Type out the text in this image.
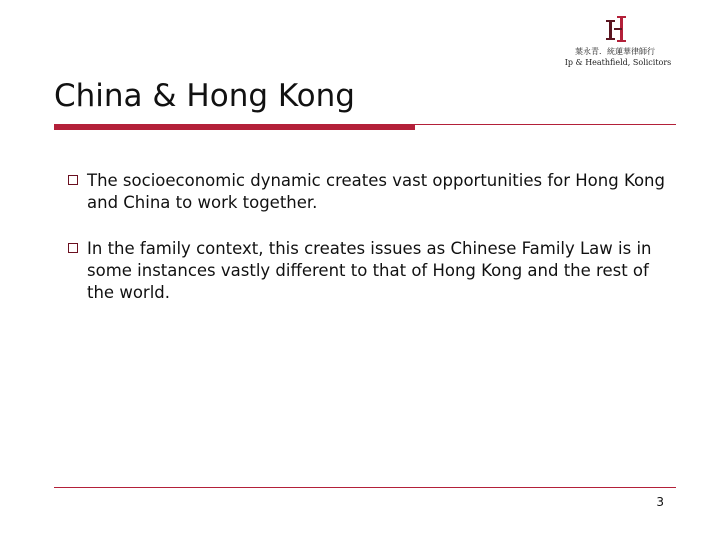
葉永青．統蓮華律師行
Ip & Heathfield, Solicitors
China & Hong Kong
The socioeconomic dynamic creates vast opportunities for Hong Kong and China to work together.
In the family context, this creates issues as Chinese Family Law is in some instances vastly different to that of Hong Kong and the rest of the world.
3
